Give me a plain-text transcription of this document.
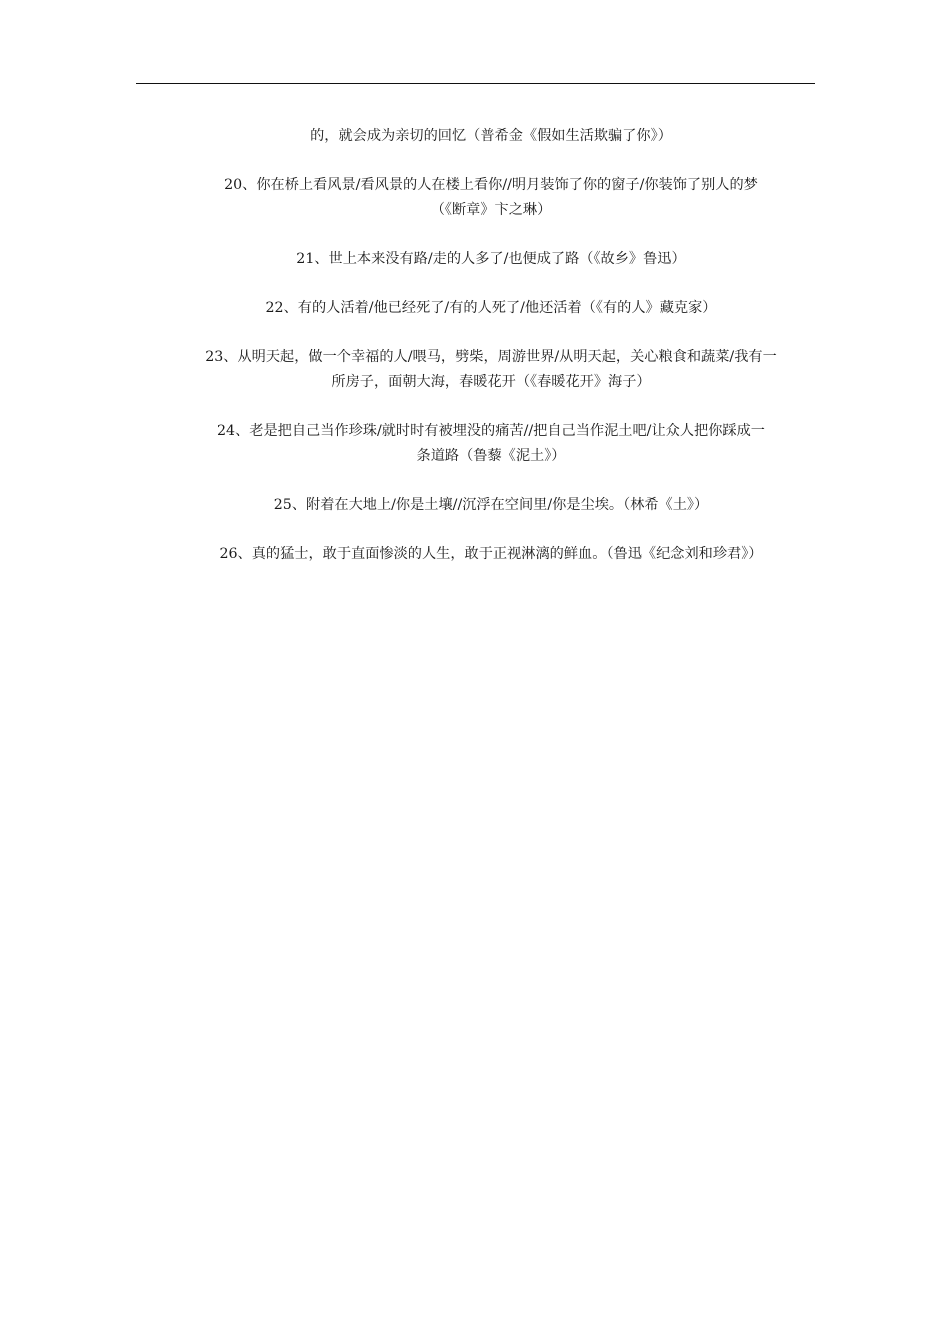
的，就会成为亲切的回忆（普希金《假如生活欺骗了你》）

20、你在桥上看风景/看风景的人在楼上看你//明月装饰了你的窗子/你装饰了别人的梦
（《断章》卞之琳）

21、世上本来没有路/走的人多了/也便成了路（《故乡》鲁迅）

22、有的人活着/他已经死了/有的人死了/他还活着（《有的人》藏克家）

23、从明天起，做一个幸福的人/喂马，劈柴，周游世界/从明天起，关心粮食和蔬菜/我有一
所房子，面朝大海，春暖花开（《春暖花开》海子）

24、老是把自己当作珍珠/就时时有被埋没的痛苦//把自己当作泥土吧/让众人把你踩成一
条道路（鲁藜《泥土》）

25、附着在大地上/你是土壤//沉浮在空间里/你是尘埃。（林希《土》）

26、真的猛士，敢于直面惨淡的人生，敢于正视淋漓的鲜血。（鲁迅《纪念刘和珍君》）
